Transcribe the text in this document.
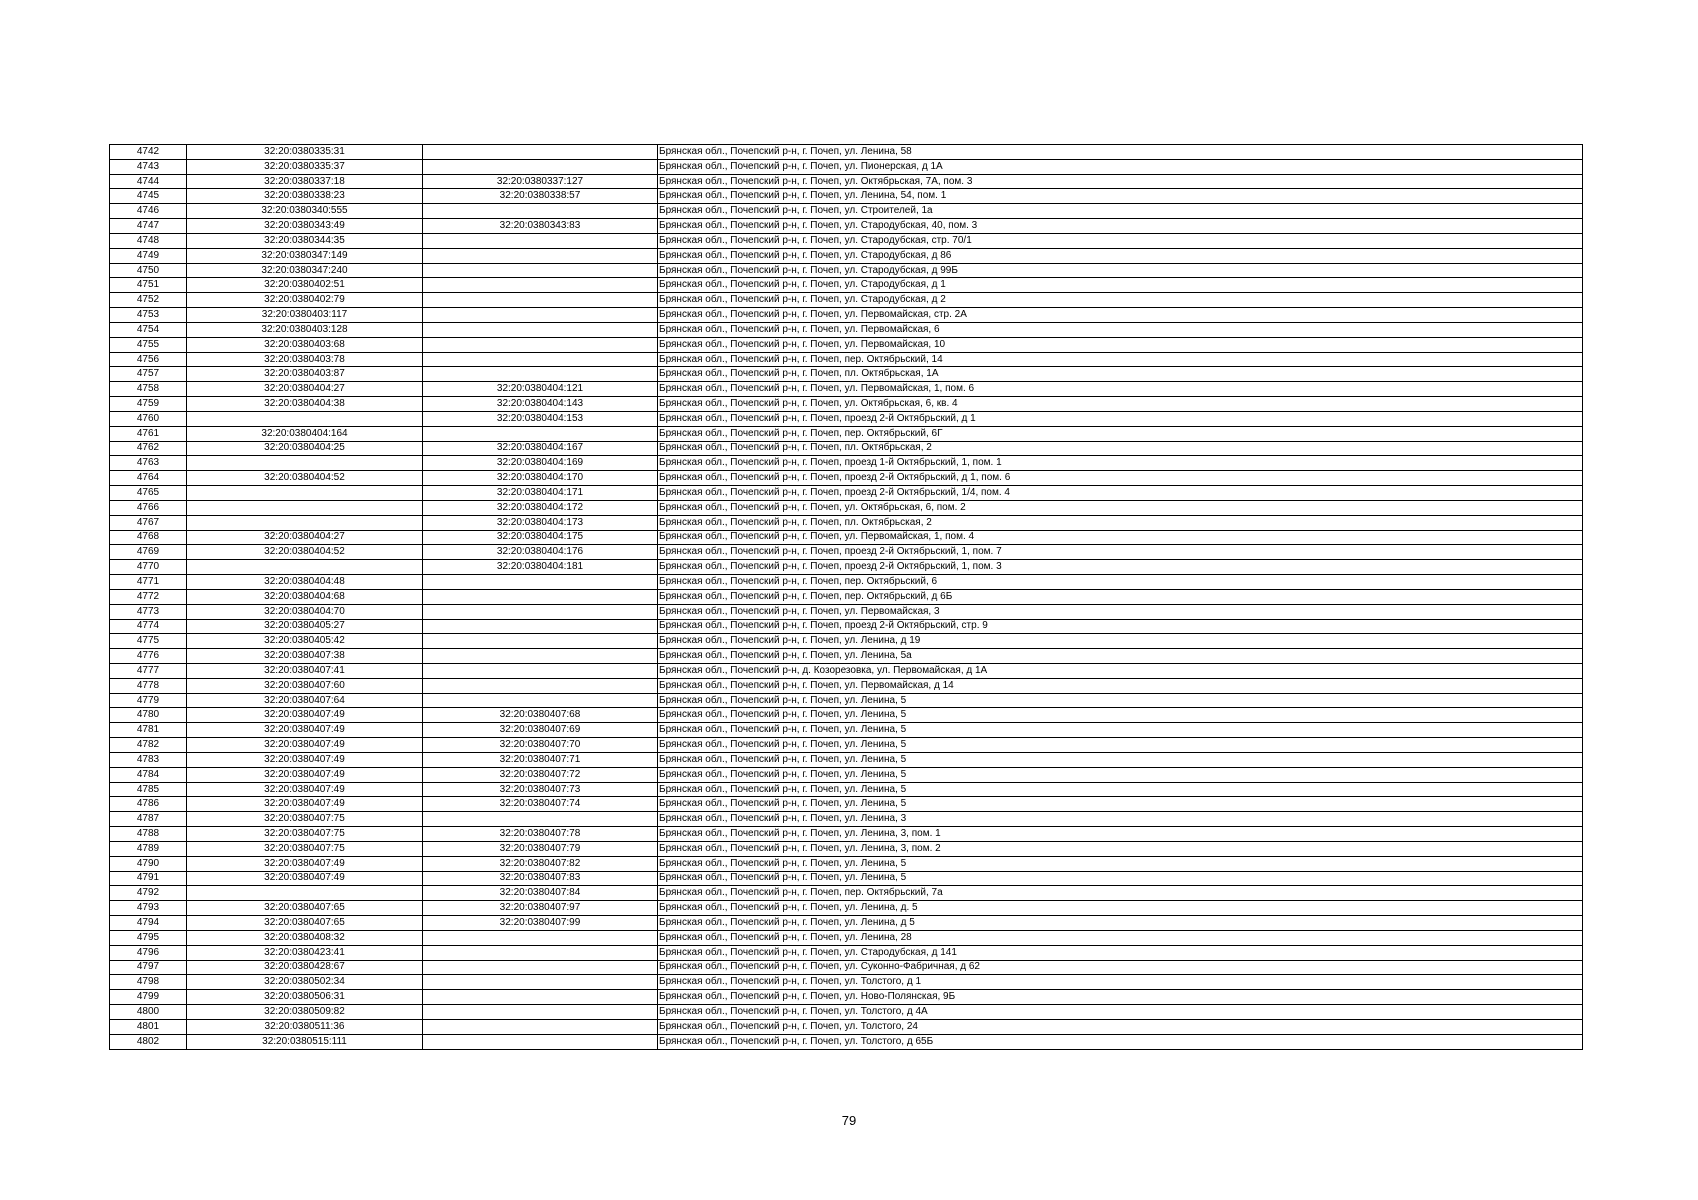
4742	32:20:0380335:31		Брянская обл., Почепский р-н, г. Почеп, ул. Ленина, 58
4743	32:20:0380335:37		Брянская обл., Почепский р-н, г. Почеп, ул. Пионерская, д 1А
4744	32:20:0380337:18	32:20:0380337:127	Брянская обл., Почепский р-н, г. Почеп, ул. Октябрьская, 7А, пом. 3
4745	32:20:0380338:23	32:20:0380338:57	Брянская обл., Почепский р-н, г. Почеп, ул. Ленина, 54, пом. 1
4746	32:20:0380340:555		Брянская обл., Почепский р-н, г. Почеп, ул. Строителей, 1а
4747	32:20:0380343:49	32:20:0380343:83	Брянская обл., Почепский р-н, г. Почеп, ул. Стародубская, 40, пом. 3
4748	32:20:0380344:35		Брянская обл., Почепский р-н, г. Почеп, ул. Стародубская, стр. 70/1
4749	32:20:0380347:149		Брянская обл., Почепский р-н, г. Почеп, ул. Стародубская, д 86
4750	32:20:0380347:240		Брянская обл., Почепский р-н, г. Почеп, ул. Стародубская, д 99Б
4751	32:20:0380402:51		Брянская обл., Почепский р-н, г. Почеп, ул. Стародубская, д 1
4752	32:20:0380402:79		Брянская обл., Почепский р-н, г. Почеп, ул. Стародубская, д 2
4753	32:20:0380403:117		Брянская обл., Почепский р-н, г. Почеп, ул. Первомайская, стр. 2А
4754	32:20:0380403:128		Брянская обл., Почепский р-н, г. Почеп, ул. Первомайская, 6
4755	32:20:0380403:68		Брянская обл., Почепский р-н, г. Почеп, ул. Первомайская, 10
4756	32:20:0380403:78		Брянская обл., Почепский р-н, г. Почеп, пер. Октябрьский, 14
4757	32:20:0380403:87		Брянская обл., Почепский р-н, г. Почеп, пл. Октябрьская, 1А
4758	32:20:0380404:27	32:20:0380404:121	Брянская обл., Почепский р-н, г. Почеп, ул. Первомайская, 1, пом. 6
4759	32:20:0380404:38	32:20:0380404:143	Брянская обл., Почепский р-н, г. Почеп, ул. Октябрьская, 6, кв. 4
4760		32:20:0380404:153	Брянская обл., Почепский р-н, г. Почеп, проезд 2-й Октябрьский, д 1
4761	32:20:0380404:164		Брянская обл., Почепский р-н, г. Почеп, пер. Октябрьский, 6Г
4762	32:20:0380404:25	32:20:0380404:167	Брянская обл., Почепский р-н, г. Почеп, пл. Октябрьская, 2
4763		32:20:0380404:169	Брянская обл., Почепский р-н, г. Почеп, проезд 1-й Октябрьский, 1, пом. 1
4764	32:20:0380404:52	32:20:0380404:170	Брянская обл., Почепский р-н, г. Почеп, проезд 2-й Октябрьский, д 1, пом. 6
4765		32:20:0380404:171	Брянская обл., Почепский р-н, г. Почеп, проезд 2-й Октябрьский, 1/4, пом. 4
4766		32:20:0380404:172	Брянская обл., Почепский р-н, г. Почеп, ул. Октябрьская, 6, пом. 2
4767		32:20:0380404:173	Брянская обл., Почепский р-н, г. Почеп, пл. Октябрьская, 2
4768	32:20:0380404:27	32:20:0380404:175	Брянская обл., Почепский р-н, г. Почеп, ул. Первомайская, 1, пом. 4
4769	32:20:0380404:52	32:20:0380404:176	Брянская обл., Почепский р-н, г. Почеп, проезд 2-й Октябрьский, 1, пом. 7
4770		32:20:0380404:181	Брянская обл., Почепский р-н, г. Почеп, проезд 2-й Октябрьский, 1, пом. 3
4771	32:20:0380404:48		Брянская обл., Почепский р-н, г. Почеп, пер. Октябрьский, 6
4772	32:20:0380404:68		Брянская обл., Почепский р-н, г. Почеп, пер. Октябрьский, д 6Б
4773	32:20:0380404:70		Брянская обл., Почепский р-н, г. Почеп, ул. Первомайская, 3
4774	32:20:0380405:27		Брянская обл., Почепский р-н, г. Почеп, проезд 2-й Октябрьский, стр. 9
4775	32:20:0380405:42		Брянская обл., Почепский р-н, г. Почеп, ул. Ленина, д 19
4776	32:20:0380407:38		Брянская обл., Почепский р-н, г. Почеп, ул. Ленина, 5а
4777	32:20:0380407:41		Брянская обл., Почепский р-н, д. Козорезовка, ул. Первомайская, д 1А
4778	32:20:0380407:60		Брянская обл., Почепский р-н, г. Почеп, ул. Первомайская, д 14
4779	32:20:0380407:64		Брянская обл., Почепский р-н, г. Почеп, ул. Ленина, 5
4780	32:20:0380407:49	32:20:0380407:68	Брянская обл., Почепский р-н, г. Почеп, ул. Ленина, 5
4781	32:20:0380407:49	32:20:0380407:69	Брянская обл., Почепский р-н, г. Почеп, ул. Ленина, 5
4782	32:20:0380407:49	32:20:0380407:70	Брянская обл., Почепский р-н, г. Почеп, ул. Ленина, 5
4783	32:20:0380407:49	32:20:0380407:71	Брянская обл., Почепский р-н, г. Почеп, ул. Ленина, 5
4784	32:20:0380407:49	32:20:0380407:72	Брянская обл., Почепский р-н, г. Почеп, ул. Ленина, 5
4785	32:20:0380407:49	32:20:0380407:73	Брянская обл., Почепский р-н, г. Почеп, ул. Ленина, 5
4786	32:20:0380407:49	32:20:0380407:74	Брянская обл., Почепский р-н, г. Почеп, ул. Ленина, 5
4787	32:20:0380407:75		Брянская обл., Почепский р-н, г. Почеп, ул. Ленина, 3
4788	32:20:0380407:75	32:20:0380407:78	Брянская обл., Почепский р-н, г. Почеп, ул. Ленина, 3, пом. 1
4789	32:20:0380407:75	32:20:0380407:79	Брянская обл., Почепский р-н, г. Почеп, ул. Ленина, 3, пом. 2
4790	32:20:0380407:49	32:20:0380407:82	Брянская обл., Почепский р-н, г. Почеп, ул. Ленина, 5
4791	32:20:0380407:49	32:20:0380407:83	Брянская обл., Почепский р-н, г. Почеп, ул. Ленина, 5
4792		32:20:0380407:84	Брянская обл., Почепский р-н, г. Почеп, пер. Октябрьский, 7а
4793	32:20:0380407:65	32:20:0380407:97	Брянская обл., Почепский р-н, г. Почеп, ул. Ленина, д. 5
4794	32:20:0380407:65	32:20:0380407:99	Брянская обл., Почепский р-н, г. Почеп, ул. Ленина, д 5
4795	32:20:0380408:32		Брянская обл., Почепский р-н, г. Почеп, ул. Ленина, 28
4796	32:20:0380423:41		Брянская обл., Почепский р-н, г. Почеп, ул. Стародубская, д 141
4797	32:20:0380428:67		Брянская обл., Почепский р-н, г. Почеп, ул. Суконно-Фабричная, д 62
4798	32:20:0380502:34		Брянская обл., Почепский р-н, г. Почеп, ул. Толстого, д 1
4799	32:20:0380506:31		Брянская обл., Почепский р-н, г. Почеп, ул. Ново-Полянская, 9Б
4800	32:20:0380509:82		Брянская обл., Почепский р-н, г. Почеп, ул. Толстого, д 4А
4801	32:20:0380511:36		Брянская обл., Почепский р-н, г. Почеп, ул. Толстого, 24
4802	32:20:0380515:111		Брянская обл., Почепский р-н, г. Почеп, ул. Толстого, д 65Б
79
